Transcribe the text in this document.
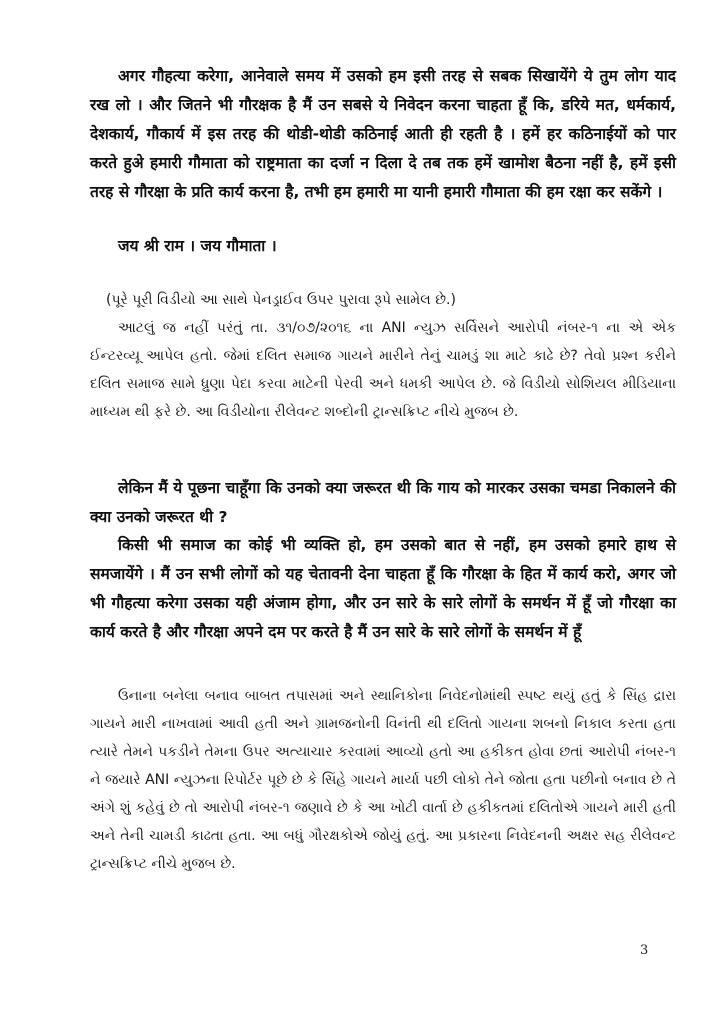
अगर गौहत्या करेगा, आनेवाले समय में उसको हम इसी तरह से सबक सिखायेंगे ये तुम लोग याद रख लो । और जितने भी गौरक्षक है मैं उन सबसे ये निवेदन करना चाहता हूँ कि, डरिये मत, धर्मकार्य, देशकार्य, गौकार्य में इस तरह की थोडी-थोडी कठिनाई आती ही रहती है । हमें हर कठिनाईयों को पार करते हुअे हमारी गौमाता को राष्ट्रमाता का दर्जा न दिला दे तब तक हमें खामोश बैठना नहीं है, हमें इसी तरह से गौरक्षा के प्रति कार्य करना है, तभी हम हमारी मा यानी हमारी गौमाता की हम रक्षा कर सकेंगे ।

जय श्री राम । जय गौमाता ।

(પૂરે પૂરી વિડીયો આ સાથે પેનડ્રાઈવ ઉપર પુરાવા રૂપે સામેલ છે.)

આટલું જ નહીં પરંતું તા. ૩૧/૦૭/૨૦૧૬ ના ANI ન્યુઝ સર્વિસને આરોપી નંબર-૧ ના એ એક ઈન્ટરવ્યૂ આપેલ હતો. જેમાં દલિત સમાજ ગાયને મારીને તેનું ચામડું શા માટે કાઢે છે? તેવો પ્રશ્ન કરીને દલિત સમાજ સામે ધ્રુણા પેદા કરવા માટેની પેરવી અને ધમકી આપેલ છે. જે વિડીયો સોશિયલ મીડિયાના માધ્યમ થી ફરે છે. આ વિડીયોના રીલેવન્ટ શબ્દોની ટ્રાન્સક્રિપ્ટ નીચે મુજબ છે.

लेकिन मैं ये पूछना चाहूँगा कि उनको क्या जरूरत थी कि गाय को मारकर उसका चमडा निकालने की क्या उनको जरूरत थी ?

किसी भी समाज का कोई भी व्यक्ति हो, हम उसको बात से नहीं, हम उसको हमारे हाथ से समजायेंगे । मैं उन सभी लोगों को यह चेतावनी देना चाहता हूँ कि गौरक्षा के हित में कार्य करो, अगर जो भी गौहत्या करेगा उसका यही अंजाम होगा, और उन सारे के सारे लोगों के समर्थन में हूँ जो गौरक्षा का कार्य करते है और गौरक्षा अपने दम पर करते है मैं उन सारे के सारे लोगों के समर्थन में हूँ

ઉનાના બનેલા બનાવ બાબત તપાસમાં અને સ્થાનિકોના નિવેદનોમાંથી સ્પષ્ટ થયું હતું કે સિંહ દ્રારા ગાયને મારી નાખવામાં આવી હતી અને ગ્રામજનોની વિનંતી થી દલિતો ગાયના શબનો નિકાલ કરતા હતા ત્યારે તેમને પકડીને તેમના ઉપર અત્યાચાર કરવામાં આવ્યો હતો આ હકીકત હોવા છતાં આરોપી નંબર-૧ ને જયારે ANI ન્યુઝના રિપોર્ટર પૂછે છે કે સિંહે ગાયને માર્યા પછી લોકો તેને જોતા હતા પછીનો બનાવ છે તે અંગે શું કહેવું છે તો આરોપી નંબર-૧ જણાવે છે કે આ ખોટી વાર્તા છે હકીકતમાં દલિતોએ ગાયને મારી હતી અને તેની ચામડી કાઢતા હતા. આ બધું ગૌરક્ષકોએ જોયું હતું. આ પ્રકારના નિવેદનની અક્ષર સહ રીલેવન્ટ ટ્રાન્સક્રિપ્ટ નીચે મુજબ છે.

3
